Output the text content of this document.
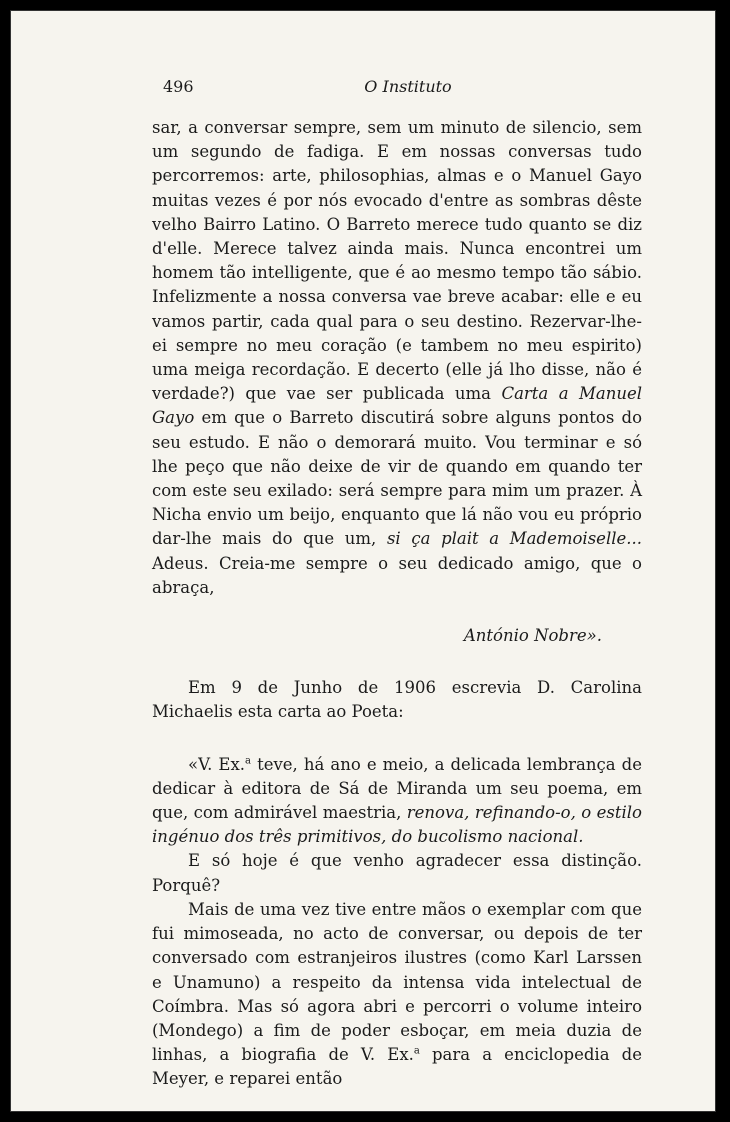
496	O Instituto

sar, a conversar sempre, sem um minuto de silencio, sem um segundo de fadiga. E em nossas conversas tudo percorremos: arte, philosophias, almas e o Manuel Gayo muitas vezes é por nós evocado d'entre as sombras dêste velho Bairro Latino. O Barreto merece tudo quanto se diz d'elle. Merece talvez ainda mais. Nunca encontrei um homem tão intelligente, que é ao mesmo tempo tão sábio. Infelizmente a nossa conversa vae breve acabar: elle e eu vamos partir, cada qual para o seu destino. Rezervar-lhe-ei sempre no meu coração (e tambem no meu espirito) uma meiga recordação. E decerto (elle já lho disse, não é verdade?) que vae ser publicada uma Carta a Manuel Gayo em que o Barreto discutirá sobre alguns pontos do seu estudo. E não o demorará muito. Vou terminar e só lhe peço que não deixe de vir de quando em quando ter com este seu exilado: será sempre para mim um prazer. À Nicha envio um beijo, enquanto que lá não vou eu próprio dar-lhe mais do que um, si ça plait a Mademoiselle... Adeus. Creia-me sempre o seu dedicado amigo, que o abraça,

António Nobre».

Em 9 de Junho de 1906 escrevia D. Carolina Michaelis esta carta ao Poeta:

«V. Ex.$^a$ teve, há ano e meio, a delicada lembrança de dedicar à editora de Sá de Miranda um seu poema, em que, com admirável maestria, renova, refinando-o, o estilo ingénuo dos três primitivos, do bucolismo nacional.

E só hoje é que venho agradecer essa distinção. Porquê?

Mais de uma vez tive entre mãos o exemplar com que fui mimoseada, no acto de conversar, ou depois de ter conversado com estranjeiros ilustres (como Karl Larssen e Unamuno) a respeito da intensa vida intelectual de Coímbra. Mas só agora abri e percorri o volume inteiro (Mondego) a fim de poder esboçar, em meia duzia de linhas, a biografia de V. Ex.$^a$ para a enciclopedia de Meyer, e reparei então
